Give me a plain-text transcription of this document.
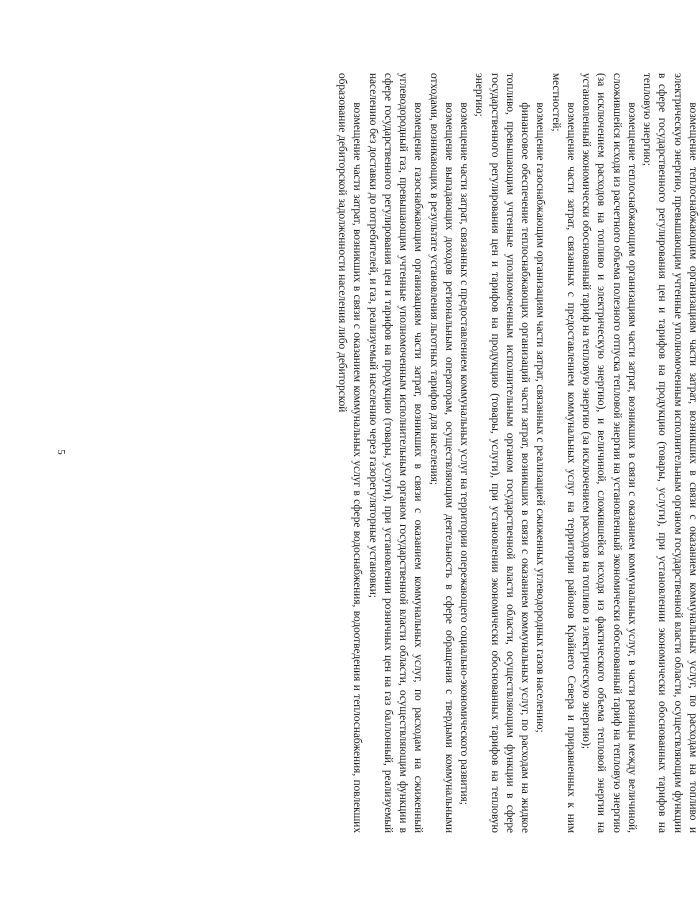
5	возмещение теплоснабжающим организациям части затрат, возникших в связи с оказанием коммунальных услуг, по расходам на топливо и электрическую энергию, превышающим учтенные уполномоченным исполнительным органом государственной власти области, осуществляющим функции в сфере государственного регулирования цен и тарифов на продукцию (товары, услуги), при установлении экономически обоснованных тарифов на тепловую энергию;

возмещение теплоснабжающим организациям части затрат, возникших в связи с оказанием коммунальных услуг, в части разницы между величиной, сложившейся исходя из расчетного объема полезного отпуска тепловой энергии на установленный экономически обоснованный тариф на тепловую энергию (за исключением расходов на топливо и электрическую энергию), и величиной, сложившейся исходя из фактического объема тепловой энергии на установленный экономически обоснованный тариф на тепловую энергию (за исключением расходов на топливо и электрическую энергию);

возмещение части затрат, связанных с предоставлением коммунальных услуг на территории районов Крайнего Севера и приравненных к ним местностей;

возмещение газоснабжающим организациям части затрат, связанных с реализацией сжиженных углеводородных газов населению;

финансовое обеспечение теплоснабжающих организаций части затрат, возникших в связи с оказанием коммунальных услуг, по расходам на жидкое топливо, превышающим учтенные уполномоченным исполнительным органом государственной власти области, осуществляющим функции в сфере государственного регулирования цен и тарифов на продукцию (товары, услуги), при установлении экономически обоснованных тарифов на тепловую энергию;

возмещение части затрат, связанных с предоставлением коммунальных услуг на территории опережающего социально-экономического развития;

возмещение выпадающих доходов региональным операторам, осуществляющим деятельность в сфере обращения с твердыми коммунальными отходами, возникающих в результате установления льготных тарифов для населения;

возмещение газоснабжающим организациям части затрат, возникших в связи с оказанием коммунальных услуг, по расходам на сжиженный углеводородный газ, превышающим учтенные уполномоченным исполнительным органом государственной власти области, осуществляющим функции в сфере государственного регулирования цен и тарифов на продукцию (товары, услуги), при установлении розничных цен на газ баллонный, реализуемый населению без доставки до потребителей, и газ, реализуемый населению через газорегуляторные установки;

возмещение части затрат, возникших в связи с оказанием коммунальных услуг в сфере водоснабжения, водоотведения и теплоснабжения, повлекших образование дебиторской задолженности населения либо дебиторской
